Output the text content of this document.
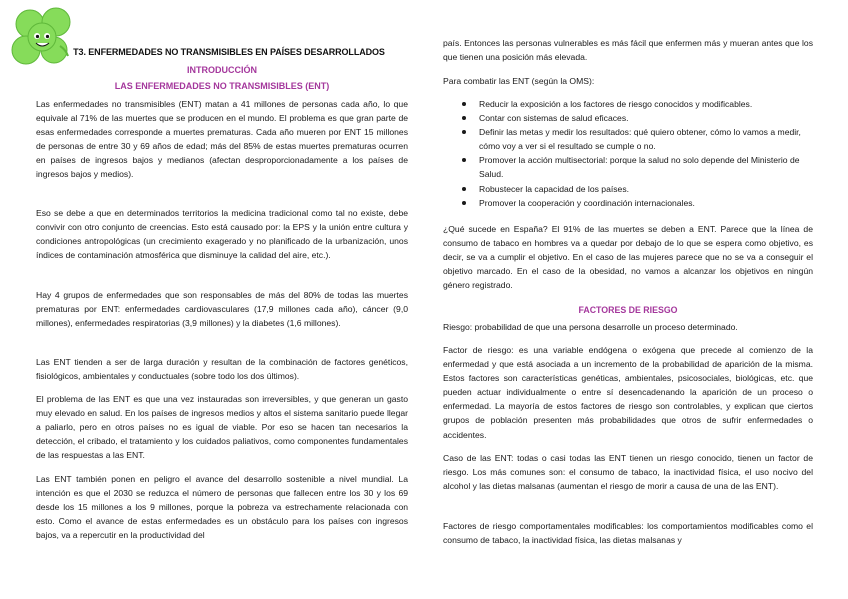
T3. ENFERMEDADES NO TRANSMISIBLES EN PAÍSES DESARROLLADOS
INTRODUCCIÓN
LAS ENFERMEDADES NO TRANSMISIBLES (ENT)

Las enfermedades no transmisibles (ENT) matan a 41 millones de personas cada año, lo que equivale al 71% de las muertes que se producen en el mundo. El problema es que gran parte de esas enfermedades corresponde a muertes prematuras. Cada año mueren por ENT 15 millones de personas de entre 30 y 69 años de edad; más del 85% de estas muertes prematuras ocurren en países de ingresos bajos y medianos (afectan desproporcionadamente a los países de ingresos bajos y medios).

Eso se debe a que en determinados territorios la medicina tradicional como tal no existe, debe convivir con otro conjunto de creencias. Esto está causado por: la EPS y la unión entre cultura y condiciones antropológicas (un crecimiento exagerado y no planificado de la urbanización, unos índices de contaminación atmosférica que disminuye la calidad del aire, etc.).

Hay 4 grupos de enfermedades que son responsables de más del 80% de todas las muertes prematuras por ENT: enfermedades cardiovasculares (17,9 millones cada año), cáncer (9,0 millones), enfermedades respiratorias (3,9 millones) y la diabetes (1,6 millones).

Las ENT tienden a ser de larga duración y resultan de la combinación de factores genéticos, fisiológicos, ambientales y conductuales (sobre todo los dos últimos).

El problema de las ENT es que una vez instauradas son irreversibles, y que generan un gasto muy elevado en salud. En los países de ingresos medios y altos el sistema sanitario puede llegar a paliarlo, pero en otros países no es igual de viable. Por eso se hacen tan necesarios la detección, el cribado, el tratamiento y los cuidados paliativos, como componentes fundamentales de las respuestas a las ENT.

Las ENT también ponen en peligro el avance del desarrollo sostenible a nivel mundial. La intención es que el 2030 se reduzca el número de personas que fallecen entre los 30 y los 69 desde los 15 millones a los 9 millones, porque la pobreza va estrechamente relacionada con esto. Como el avance de estas enfermedades es un obstáculo para los países con ingresos bajos, va a repercutir en la productividad del

país. Entonces las personas vulnerables es más fácil que enfermen más y mueran antes que los que tienen una posición más elevada.

Para combatir las ENT (según la OMS):

Reducir la exposición a los factores de riesgo conocidos y modificables.
Contar con sistemas de salud eficaces.
Definir las metas y medir los resultados: qué quiero obtener, cómo lo vamos a medir, cómo voy a ver si el resultado se cumple o no.
Promover la acción multisectorial: porque la salud no solo depende del Ministerio de Salud.
Robustecer la capacidad de los países.
Promover la cooperación y coordinación internacionales.

¿Qué sucede en España? El 91% de las muertes se deben a ENT. Parece que la línea de consumo de tabaco en hombres va a quedar por debajo de lo que se espera como objetivo, es decir, se va a cumplir el objetivo. En el caso de las mujeres parece que no se va a conseguir el objetivo marcado. En el caso de la obesidad, no vamos a alcanzar los objetivos en ningún género registrado.

FACTORES DE RIESGO

Riesgo: probabilidad de que una persona desarrolle un proceso determinado.

Factor de riesgo: es una variable endógena o exógena que precede al comienzo de la enfermedad y que está asociada a un incremento de la probabilidad de aparición de la misma. Estos factores son características genéticas, ambientales, psicosociales, biológicas, etc. que pueden actuar individualmente o entre sí desencadenando la aparición de un proceso o enfermedad. La mayoría de estos factores de riesgo son controlables, y explican que ciertos grupos de población presenten más probabilidades que otros de sufrir enfermedades o accidentes.

Caso de las ENT: todas o casi todas las ENT tienen un riesgo conocido, tienen un factor de riesgo. Los más comunes son: el consumo de tabaco, la inactividad física, el uso nocivo del alcohol y las dietas malsanas (aumentan el riesgo de morir a causa de una de las ENT).

Factores de riesgo comportamentales modificables: los comportamientos modificables como el consumo de tabaco, la inactividad física, las dietas malsanas y
